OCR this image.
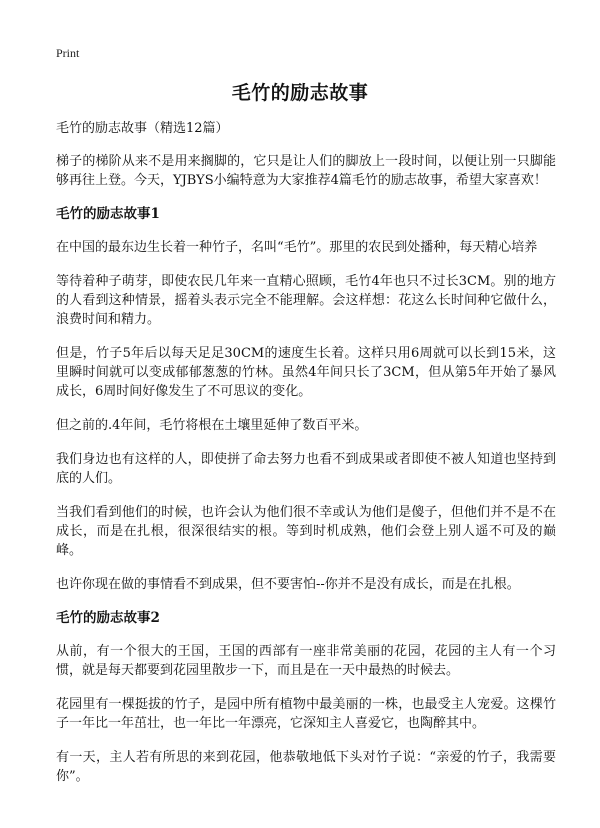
Print
毛竹的励志故事

毛竹的励志故事（精选12篇）

梯子的梯阶从来不是用来搁脚的，它只是让人们的脚放上一段时间，以便让别一只脚能够再往上登。今天，YJBYS小编特意为大家推荐4篇毛竹的励志故事，希望大家喜欢！

毛竹的励志故事1

在中国的最东边生长着一种竹子，名叫“毛竹”。那里的农民到处播种，每天精心培养

等待着种子萌芽，即使农民几年来一直精心照顾，毛竹4年也只不过长3CM。别的地方的人看到这种情景，摇着头表示完全不能理解。会这样想：花这么长时间种它做什么，浪费时间和精力。

但是，竹子5年后以每天足足30CM的速度生长着。这样只用6周就可以长到15米，这里瞬时间就可以变成郁郁葱葱的竹林。虽然4年间只长了3CM，但从第5年开始了暴风成长，6周时间好像发生了不可思议的变化。

但之前的.4年间，毛竹将根在土壤里延伸了数百平米。

我们身边也有这样的人，即使拼了命去努力也看不到成果或者即使不被人知道也坚持到底的人们。

当我们看到他们的时候，也许会认为他们很不幸或认为他们是傻子，但他们并不是不在成长，而是在扎根，很深很结实的根。等到时机成熟，他们会登上别人遥不可及的巅峰。

也许你现在做的事情看不到成果，但不要害怕--你并不是没有成长，而是在扎根。

毛竹的励志故事2

从前，有一个很大的王国，王国的西部有一座非常美丽的花园，花园的主人有一个习惯，就是每天都要到花园里散步一下，而且是在一天中最热的时候去。

花园里有一棵挺拔的竹子，是园中所有植物中最美丽的一株，也最受主人宠爱。这棵竹子一年比一年茁壮，也一年比一年漂亮，它深知主人喜爱它，也陶醉其中。

有一天，主人若有所思的来到花园，他恭敬地低下头对竹子说：“亲爱的竹子，我需要你”。
